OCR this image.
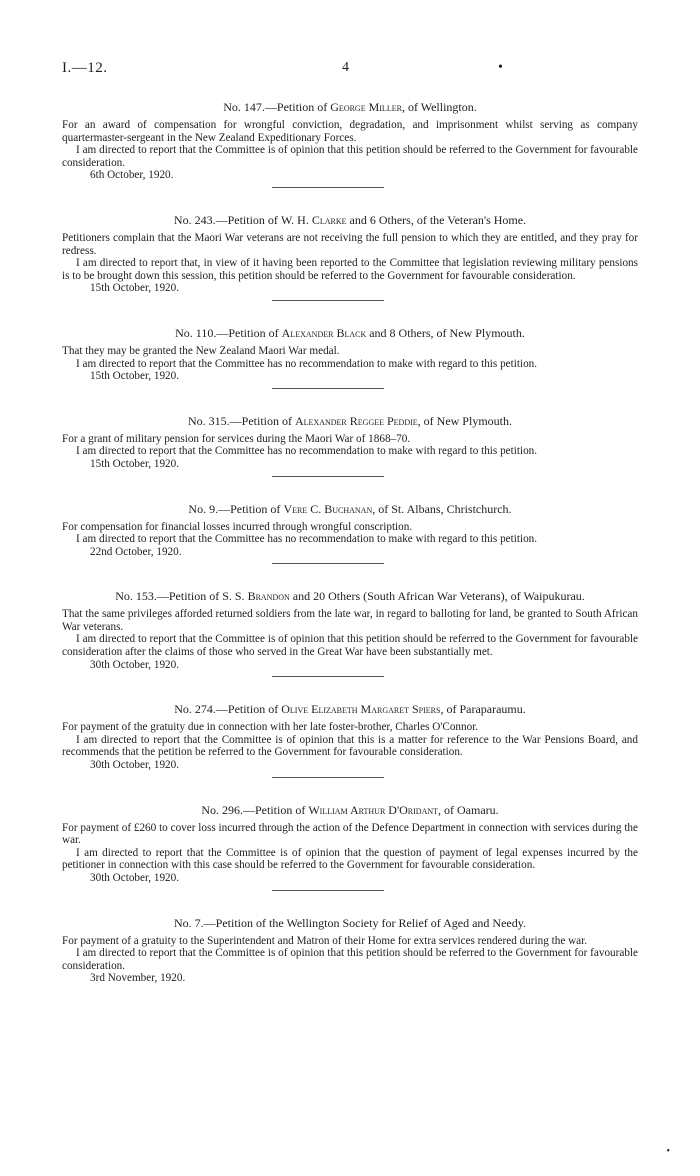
I.—12.	4	•
No. 147.—Petition of George Miller, of Wellington.

For an award of compensation for wrongful conviction, degradation, and imprisonment whilst serving as company quartermaster-sergeant in the New Zealand Expeditionary Forces.

I am directed to report that the Committee is of opinion that this petition should be referred to the Government for favourable consideration.

6th October, 1920.
No. 243.—Petition of W. H. Clarke and 6 Others, of the Veteran's Home.

Petitioners complain that the Maori War veterans are not receiving the full pension to which they are entitled, and they pray for redress.

I am directed to report that, in view of it having been reported to the Committee that legislation reviewing military pensions is to be brought down this session, this petition should be referred to the Government for favourable consideration.

15th October, 1920.
No. 110.—Petition of Alexander Black and 8 Others, of New Plymouth.

That they may be granted the New Zealand Maori War medal.

I am directed to report that the Committee has no recommendation to make with regard to this petition.

15th October, 1920.
No. 315.—Petition of Alexander Reggee Peddie, of New Plymouth.

For a grant of military pension for services during the Maori War of 1868–70.

I am directed to report that the Committee has no recommendation to make with regard to this petition.

15th October, 1920.
No. 9.—Petition of Vere C. Buchanan, of St. Albans, Christchurch.

For compensation for financial losses incurred through wrongful conscription.

I am directed to report that the Committee has no recommendation to make with regard to this petition.

22nd October, 1920.
No. 153.—Petition of S. S. Brandon and 20 Others (South African War Veterans), of Waipukurau.

That the same privileges afforded returned soldiers from the late war, in regard to balloting for land, be granted to South African War veterans.

I am directed to report that the Committee is of opinion that this petition should be referred to the Government for favourable consideration after the claims of those who served in the Great War have been substantially met.

30th October, 1920.
No. 274.—Petition of Olive Elizabeth Margaret Spiers, of Paraparaumu.

For payment of the gratuity due in connection with her late foster-brother, Charles O'Connor.

I am directed to report that the Committee is of opinion that this is a matter for reference to the War Pensions Board, and recommends that the petition be referred to the Government for favourable consideration.

30th October, 1920.
No. 296.—Petition of William Arthur D'Oridant, of Oamaru.

For payment of £260 to cover loss incurred through the action of the Defence Department in connection with services during the war.

I am directed to report that the Committee is of opinion that the question of payment of legal expenses incurred by the petitioner in connection with this case should be referred to the Government for favourable consideration.

30th October, 1920.
No. 7.—Petition of the Wellington Society for Relief of Aged and Needy.

For payment of a gratuity to the Superintendent and Matron of their Home for extra services rendered during the war.

I am directed to report that the Committee is of opinion that this petition should be referred to the Government for favourable consideration.

3rd November, 1920.
•
